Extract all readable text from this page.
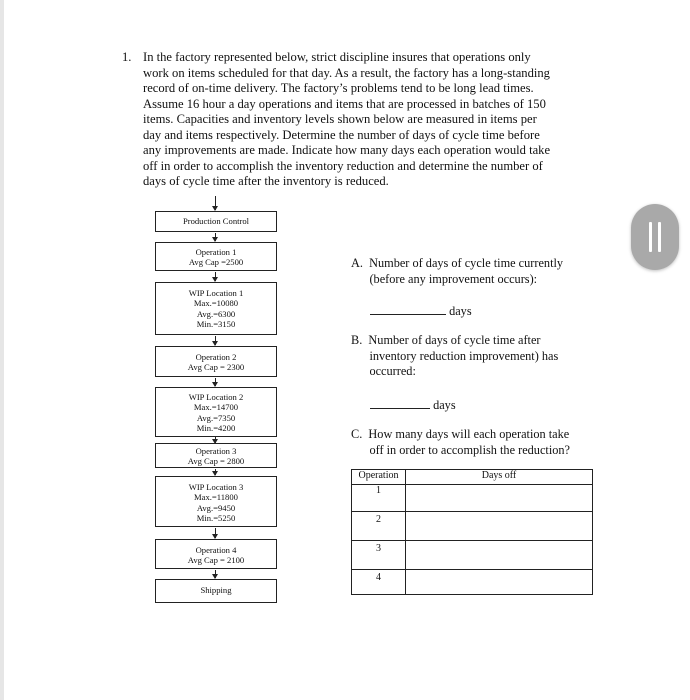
1. In the factory represented below, strict discipline insures that operations only
work on items scheduled for that day. As a result, the factory has a long-standing
record of on-time delivery. The factory’s problems tend to be long lead times.
Assume 16 hour a day operations and items that are processed in batches of 150
items. Capacities and inventory levels shown below are measured in items per
day and items respectively. Determine the number of days of cycle time before
any improvements are made. Indicate how many days each operation would take
off in order to accomplish the inventory reduction and determine the number of
days of cycle time after the inventory is reduced.
Production Control
Operation 1
Avg Cap =2500
WIP Location 1
Max.=10080
Avg.=6300
Min.=3150
Operation 2
Avg Cap = 2300
WIP Location 2
Max.=14700
Avg.=7350
Min.=4200
Operation 3
Avg Cap = 2800
WIP Location 3
Max.=11800
Avg.=9450
Min.=5250
Operation 4
Avg Cap = 2100
Shipping
A.  Number of days of cycle time currently
(before any improvement occurs):
days
B.  Number of days of cycle time after
inventory reduction improvement) has
occurred:
days
C.  How many days will each operation take
off in order to accomplish the reduction?
Operation	Days off
1	
2	
3	
4	
